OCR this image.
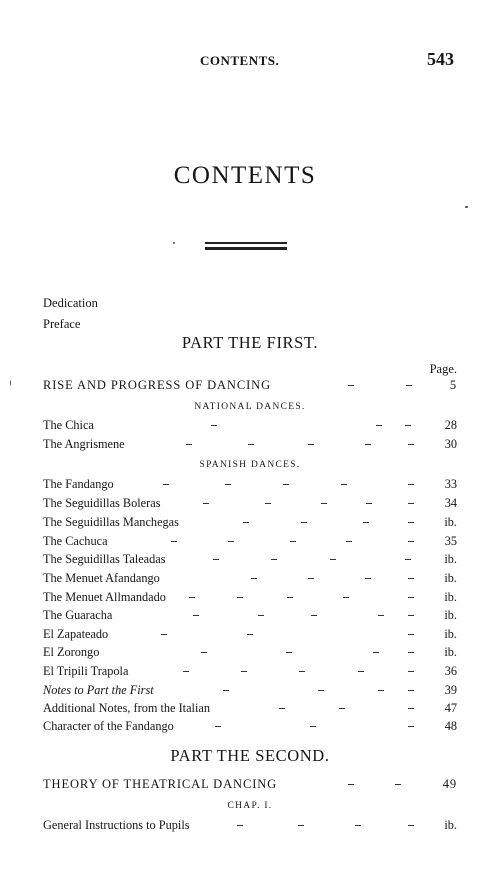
CONTENTS.	543
CONTENTS
Dedication
Preface
PART THE FIRST.
Page.
RISE AND PROGRESS OF DANCING	5
NATIONAL DANCES.
The Chica	28
The Angrismene	30
SPANISH DANCES.
The Fandango	33
The Seguidillas Boleras	34
The Seguidillas Manchegas	ib.
The Cachuca	35
The Seguidillas Taleadas	ib.
The Menuet Afandango	ib.
The Menuet Allmandado	ib.
The Guaracha	ib.
El Zapateado	ib.
El Zorongo	ib.
El Tripili Trapola	36
Notes to Part the First	39
Additional Notes, from the Italian	47
Character of the Fandango	48
PART THE SECOND.
THEORY OF THEATRICAL DANCING	49
CHAP. I.
General Instructions to Pupils	ib.
